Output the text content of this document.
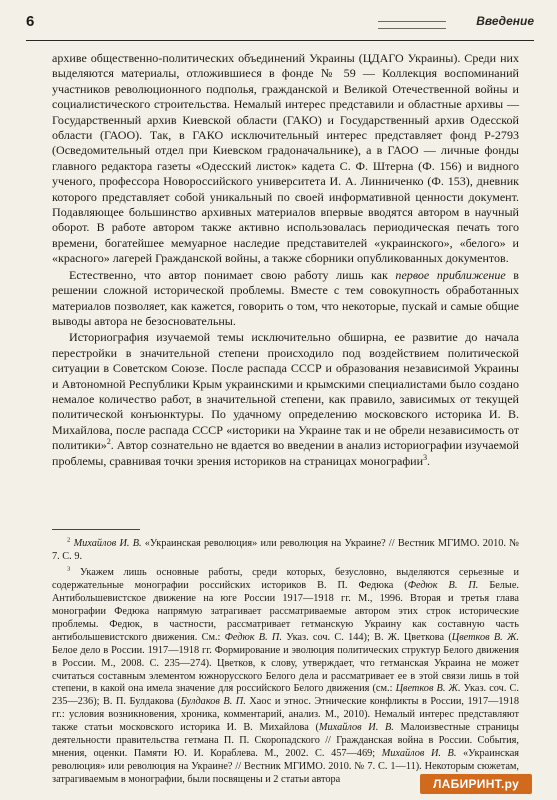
6	Введение

архиве общественно-политических объединений Украины (ЦДАГО Украины). Среди них выделяются материалы, отложившиеся в фонде № 59 — Коллекция воспоминаний участников революционного подполья, гражданской и Великой Отечественной войны и социалистического строительства. Немалый интерес представили и областные архивы — Государственный архив Киевской области (ГАКО) и Государственный архив Одесской области (ГАОО). Так, в ГАКО исключительный интерес представляет фонд Р-2793 (Осведомительный отдел при Киевском градоначальнике), а в ГАОО — личные фонды главного редактора газеты «Одесский листок» кадета С. Ф. Штерна (Ф. 156) и видного ученого, профессора Новороссийского университета И. А. Линниченко (Ф. 153), дневник которого представляет собой уникальный по своей информативной ценности документ. Подавляющее большинство архивных материалов впервые вводятся автором в научный оборот. В работе автором также активно использовалась периодическая печать того времени, богатейшее мемуарное наследие представителей «украинского», «белого» и «красного» лагерей Гражданской войны, а также сборники опубликованных документов.

Естественно, что автор понимает свою работу лишь как первое приближение в решении сложной исторической проблемы. Вместе с тем совокупность обработанных материалов позволяет, как кажется, говорить о том, что некоторые, пускай и самые общие выводы автора не безосновательны.

Историография изучаемой темы исключительно обширна, ее развитие до начала перестройки в значительной степени происходило под воздействием политической ситуации в Советском Союзе. После распада СССР и образования независимой Украины и Автономной Республики Крым украинскими и крымскими специалистами было создано немалое количество работ, в значительной степени, как правило, зависимых от текущей политической конъюнктуры. По удачному определению московского историка И. В. Михайлова, после распада СССР «историки на Украине так и не обрели независимость от политики»$^2$. Автор сознательно не вдается во введении в анализ историографии изучаемой проблемы, сравнивая точки зрения историков на страницах монографии$^3$.

$^2$ Михайлов И. В. «Украинская революция» или революция на Украине? // Вестник МГИМО. 2010. № 7. С. 9.

$^3$ Укажем лишь основные работы, среди которых, безусловно, выделяются серьезные и содержательные монографии российских историков В. П. Федюка (Федюк В. П. Белые. Антибольшевистское движение на юге России 1917—1918 гг. М., 1996. Вторая и третья глава монографии Федюка напрямую затрагивает рассматриваемые автором этих строк исторические проблемы. Федюк, в частности, рассматривает гетманскую Украину как составную часть антибольшевистского движения. См.: Федюк В. П. Указ. соч. С. 144); В. Ж. Цветкова (Цветков В. Ж. Белое дело в России. 1917—1918 гг. Формирование и эволюция политических структур Белого движения в России. М., 2008. С. 235—274). Цветков, к слову, утверждает, что гетманская Украина не может считаться составным элементом южнорусского Белого дела и рассматривает ее в этой связи лишь в той степени, в какой она имела значение для российского Белого движения (см.: Цветков В. Ж. Указ. соч. С. 235—236); В. П. Булдакова (Булдаков В. П. Хаос и этнос. Этнические конфликты в России, 1917—1918 гг.: условия возникновения, хроника, комментарий, анализ. М., 2010). Немалый интерес представляют также статьи московского историка И. В. Михайлова (Михайлов И. В. Малоизвестные страницы деятельности правительства гетмана П. П. Скоропадского // Гражданская война в России. События, мнения, оценки. Памяти Ю. И. Кораблева. М., 2002. С. 457—469; Михайлов И. В. «Украинская революция» или революция на Украине? // Вестник МГИМО. 2010. № 7. С. 1—11). Некоторым сюжетам, затрагиваемым в монографии, были посвящены и 2 статьи автора	ЛАБИРИНТ.ру
